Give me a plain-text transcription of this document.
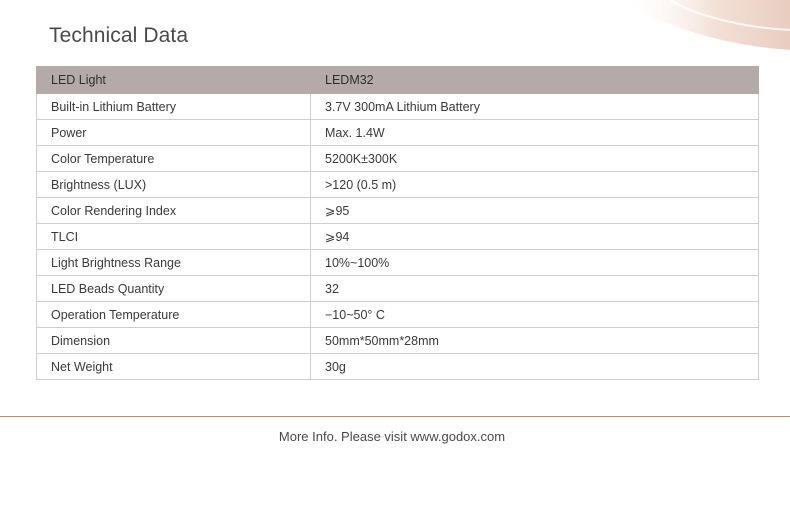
Technical Data
LED Light	LEDM32
Built-in Lithium Battery	3.7V 300mA Lithium Battery
Power	Max. 1.4W
Color Temperature	5200K±300K
Brightness (LUX)	>120 (0.5 m)
Color Rendering Index	⩾95
TLCI	⩾94
Light Brightness Range	10%~100%
LED Beads Quantity	32
Operation Temperature	−10~50° C
Dimension	50mm*50mm*28mm
Net Weight	30g
More Info. Please visit www.godox.com
